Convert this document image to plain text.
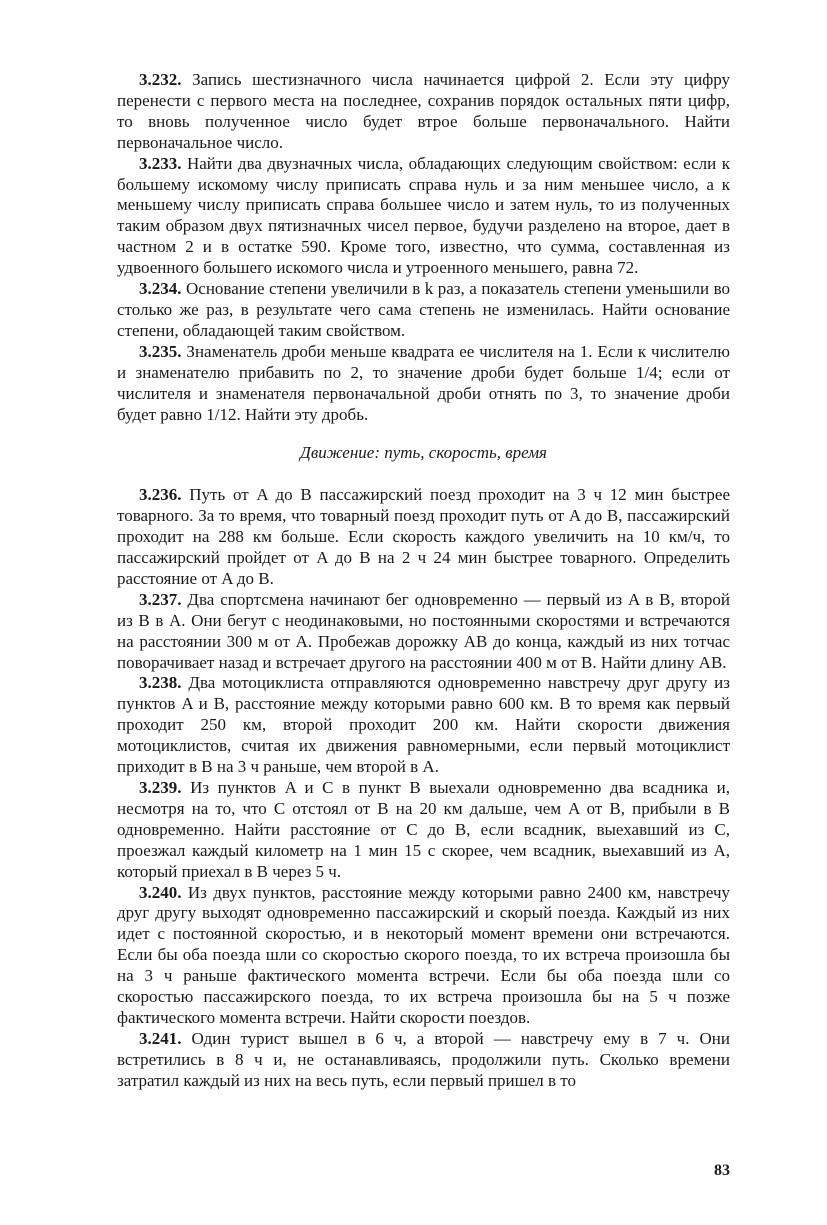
3.232. Запись шестизначного числа начинается цифрой 2. Если эту цифру перенести с первого места на последнее, сохранив порядок остальных пяти цифр, то вновь полученное число будет втрое больше первоначального. Найти первоначальное число.

3.233. Найти два двузначных числа, обладающих следующим свойством: если к большему искомому числу приписать справа нуль и за ним меньшее число, а к меньшему числу приписать справа большее число и затем нуль, то из полученных таким образом двух пятизначных чисел первое, будучи разделено на второе, дает в частном 2 и в остатке 590. Кроме того, известно, что сумма, составленная из удвоенного большего искомого числа и утроенного меньшего, равна 72.

3.234. Основание степени увеличили в k раз, а показатель степени уменьшили во столько же раз, в результате чего сама степень не изменилась. Найти основание степени, обладающей таким свойством.

3.235. Знаменатель дроби меньше квадрата ее числителя на 1. Если к числителю и знаменателю прибавить по 2, то значение дроби будет больше 1/4; если от числителя и знаменателя первоначальной дроби отнять по 3, то значение дроби будет равно 1/12. Найти эту дробь.

Движение: путь, скорость, время

3.236. Путь от A до B пассажирский поезд проходит на 3 ч 12 мин быстрее товарного. За то время, что товарный поезд проходит путь от A до B, пассажирский проходит на 288 км больше. Если скорость каждого увеличить на 10 км/ч, то пассажирский пройдет от A до B на 2 ч 24 мин быстрее товарного. Определить расстояние от A до B.

3.237. Два спортсмена начинают бег одновременно — первый из A в B, второй из B в A. Они бегут с неодинаковыми, но постоянными скоростями и встречаются на расстоянии 300 м от A. Пробежав дорожку AB до конца, каждый из них тотчас поворачивает назад и встречает другого на расстоянии 400 м от B. Найти длину AB.

3.238. Два мотоциклиста отправляются одновременно навстречу друг другу из пунктов A и B, расстояние между которыми равно 600 км. В то время как первый проходит 250 км, второй проходит 200 км. Найти скорости движения мотоциклистов, считая их движения равномерными, если первый мотоциклист приходит в B на 3 ч раньше, чем второй в A.

3.239. Из пунктов A и C в пункт B выехали одновременно два всадника и, несмотря на то, что C отстоял от B на 20 км дальше, чем A от B, прибыли в B одновременно. Найти расстояние от C до B, если всадник, выехавший из C, проезжал каждый километр на 1 мин 15 с скорее, чем всадник, выехавший из A, который приехал в B через 5 ч.

3.240. Из двух пунктов, расстояние между которыми равно 2400 км, навстречу друг другу выходят одновременно пассажирский и скорый поезда. Каждый из них идет с постоянной скоростью, и в некоторый момент времени они встречаются. Если бы оба поезда шли со скоростью скорого поезда, то их встреча произошла бы на 3 ч раньше фактического момента встречи. Если бы оба поезда шли со скоростью пассажирского поезда, то их встреча произошла бы на 5 ч позже фактического момента встречи. Найти скорости поездов.

3.241. Один турист вышел в 6 ч, а второй — навстречу ему в 7 ч. Они встретились в 8 ч и, не останавливаясь, продолжили путь. Сколько времени затратил каждый из них на весь путь, если первый пришел в то

83
